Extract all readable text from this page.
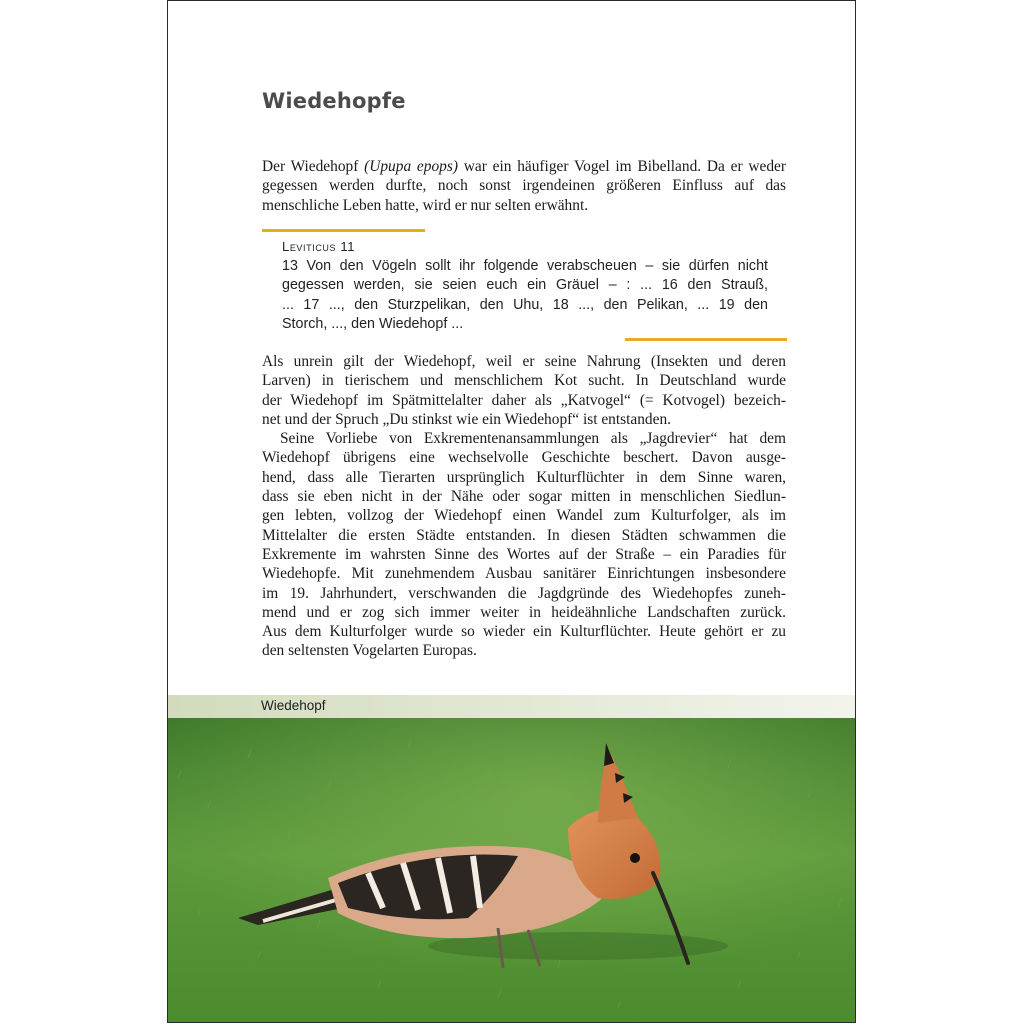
Wiedehopfe
Der Wiedehopf (Upupa epops) war ein häufiger Vogel im Bibelland. Da er weder
gegessen werden durfte, noch sonst irgendeinen größeren Einfluss auf das
menschliche Leben hatte, wird er nur selten erwähnt.
Leviticus 11
13 Von den Vögeln sollt ihr folgende verabscheuen – sie dürfen nicht
gegessen werden, sie seien euch ein Gräuel – : ... 16 den Strauß,
... 17 ..., den Sturzpelikan, den Uhu, 18 ..., den Pelikan, ... 19 den
Storch, ..., den Wiedehopf ...
Als unrein gilt der Wiedehopf, weil er seine Nahrung (Insekten und deren
Larven) in tierischem und menschlichem Kot sucht. In Deutschland wurde
der Wiedehopf im Spätmittelalter daher als „Katvogel“ (= Kotvogel) bezeich-
net und der Spruch „Du stinkst wie ein Wiedehopf“ ist entstanden.
Seine Vorliebe von Exkrementenansammlungen als „Jagdrevier“ hat dem
Wiedehopf übrigens eine wechselvolle Geschichte beschert. Davon ausge-
hend, dass alle Tierarten ursprünglich Kulturflüchter in dem Sinne waren,
dass sie eben nicht in der Nähe oder sogar mitten in menschlichen Siedlun-
gen lebten, vollzog der Wiedehopf einen Wandel zum Kulturfolger, als im
Mittelalter die ersten Städte entstanden. In diesen Städten schwammen die
Exkremente im wahrsten Sinne des Wortes auf der Straße – ein Paradies für
Wiedehopfe. Mit zunehmendem Ausbau sanitärer Einrichtungen insbesondere
im 19. Jahrhundert, verschwanden die Jagdgründe des Wiedehopfes zuneh-
mend und er zog sich immer weiter in heideähnliche Landschaften zurück.
Aus dem Kulturfolger wurde so wieder ein Kulturflüchter. Heute gehört er zu
den seltensten Vogelarten Europas.
Wiedehopf
